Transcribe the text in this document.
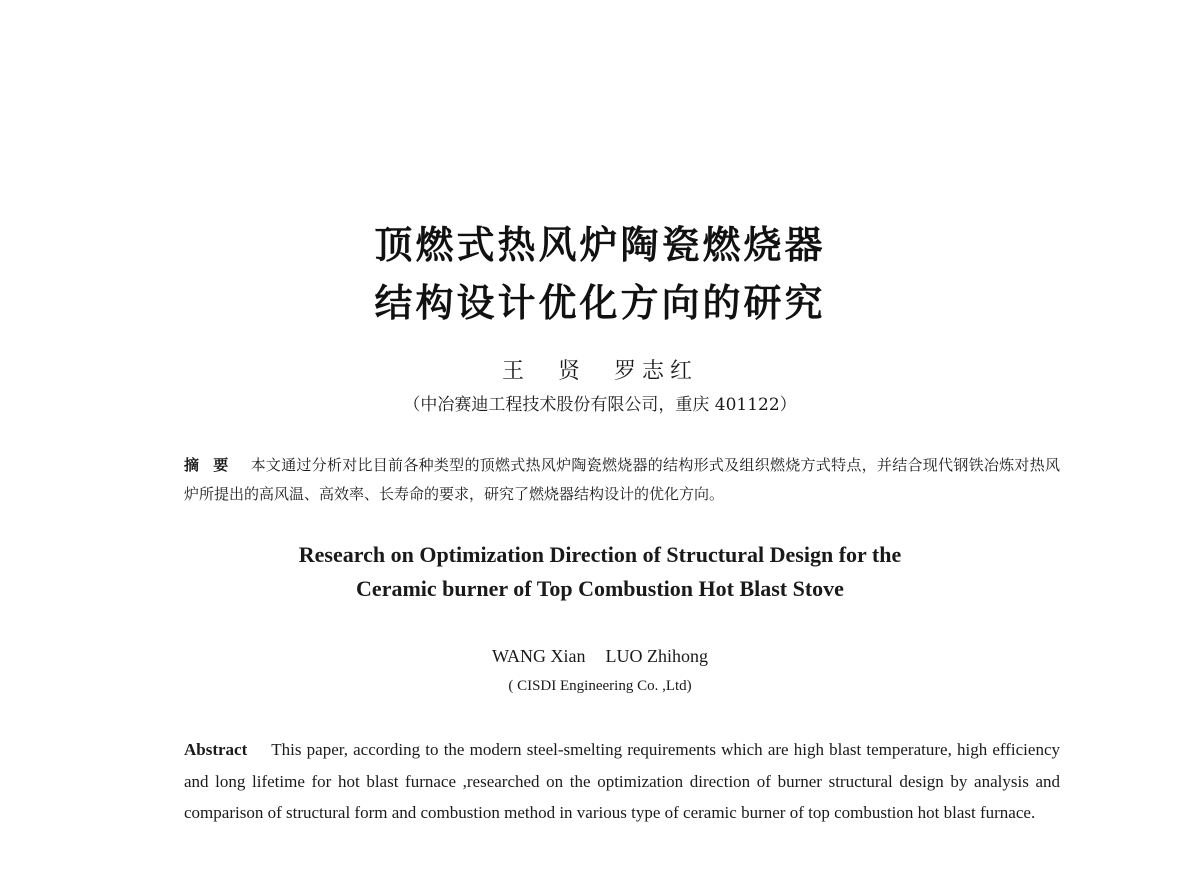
顶燃式热风炉陶瓷燃烧器
结构设计优化方向的研究
王　贤 罗志红
（中冶赛迪工程技术股份有限公司，重庆 401122）
摘要 本文通过分析对比目前各种类型的顶燃式热风炉陶瓷燃烧器的结构形式及组织燃烧方式特点，并结合现代钢铁冶炼对热风炉所提出的高风温、高效率、长寿命的要求，研究了燃烧器结构设计的优化方向。
Research on Optimization Direction of Structural Design for the
Ceramic burner of Top Combustion Hot Blast Stove
WANG Xian LUO Zhihong
( CISDI Engineering Co. ,Ltd)
Abstract This paper, according to the modern steel-smelting requirements which are high blast temperature, high efficiency and long lifetime for hot blast furnace ,researched on the optimization direction of burner structural design by analysis and comparison of structural form and combustion method in various type of ceramic burner of top combustion hot blast furnace.
